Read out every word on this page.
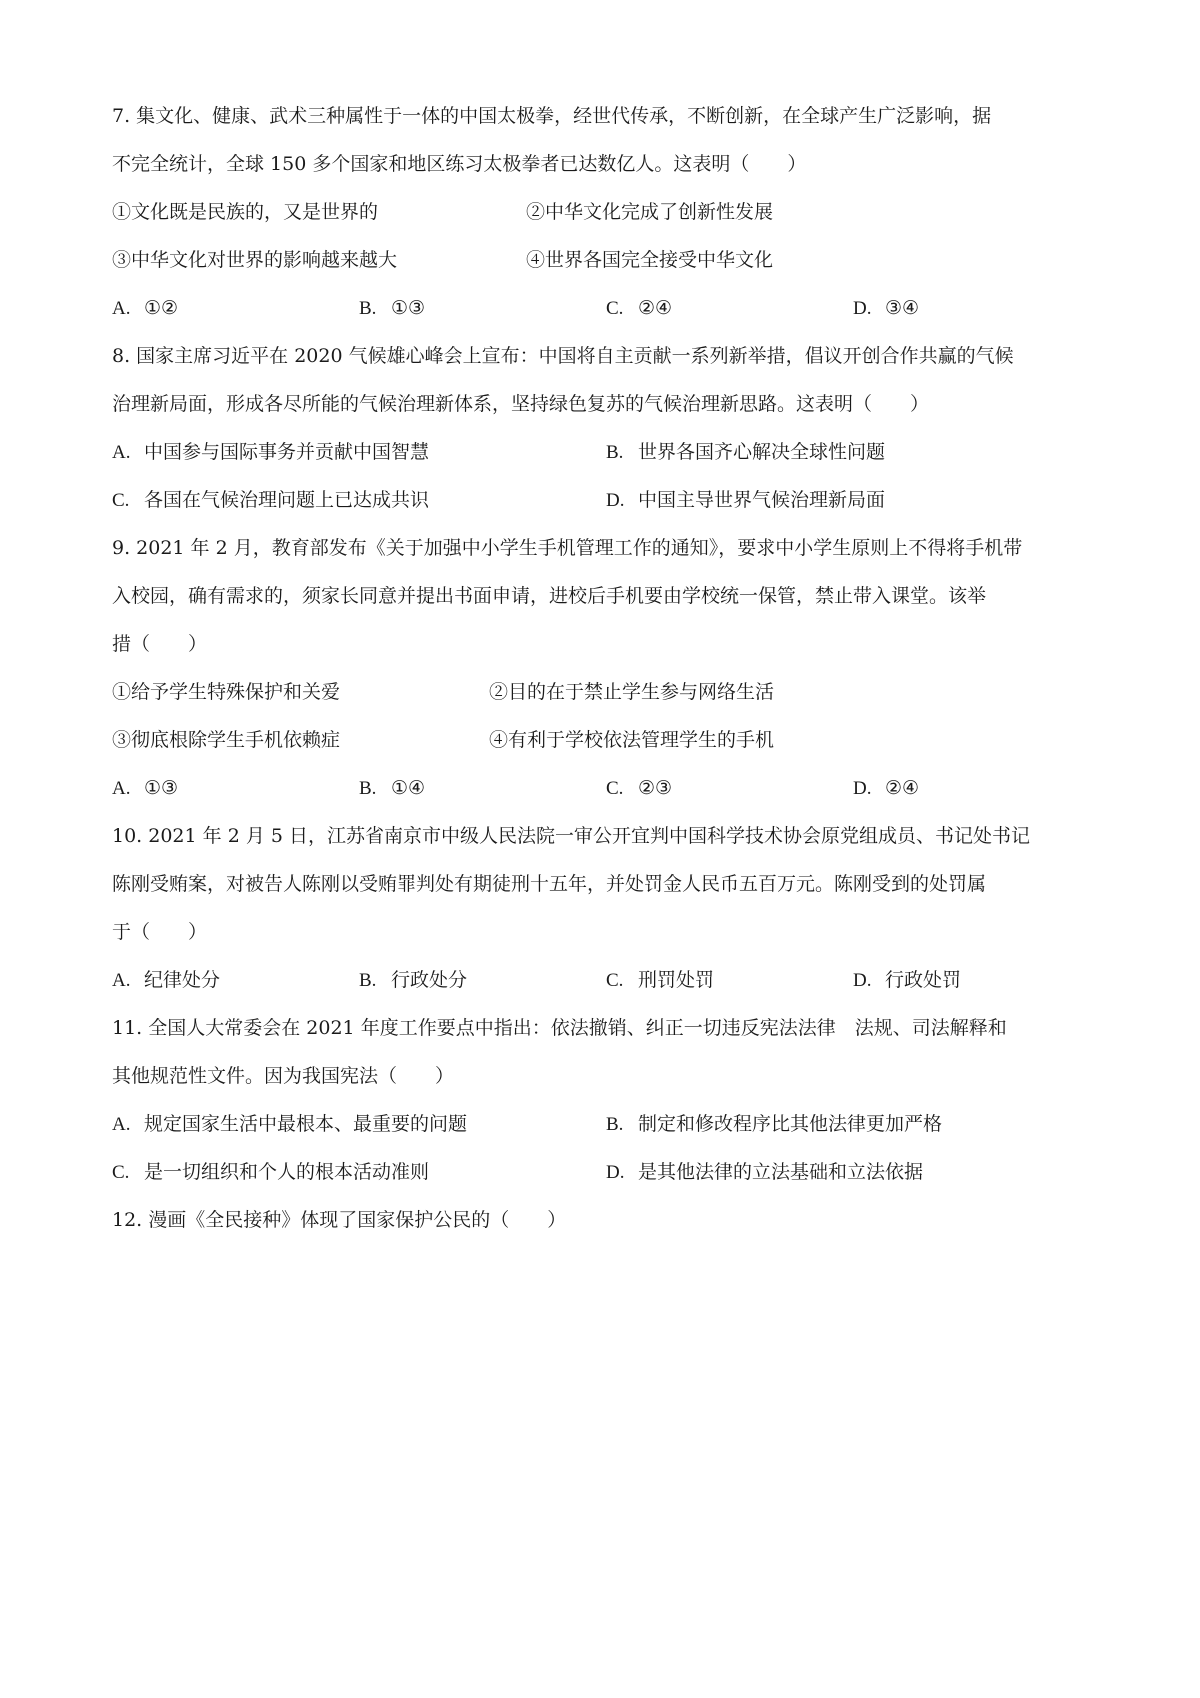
7. 集文化、健康、武术三种属性于一体的中国太极拳，经世代传承，不断创新，在全球产生广泛影响，据
不完全统计，全球 150 多个国家和地区练习太极拳者已达数亿人。这表明（　　）
①文化既是民族的，又是世界的	②中华文化完成了创新性发展
③中华文化对世界的影响越来越大	④世界各国完全接受中华文化
A. ①②	B. ①③	C. ②④	D. ③④
8. 国家主席习近平在 2020 气候雄心峰会上宣布：中国将自主贡献一系列新举措，倡议开创合作共赢的气候
治理新局面，形成各尽所能的气候治理新体系，坚持绿色复苏的气候治理新思路。这表明（　　）
A. 中国参与国际事务并贡献中国智慧	B. 世界各国齐心解决全球性问题
C. 各国在气候治理问题上已达成共识	D. 中国主导世界气候治理新局面
9. 2021 年 2 月，教育部发布《关于加强中小学生手机管理工作的通知》，要求中小学生原则上不得将手机带
入校园，确有需求的，须家长同意并提出书面申请，进校后手机要由学校统一保管，禁止带入课堂。该举
措（　　）
①给予学生特殊保护和关爱	②目的在于禁止学生参与网络生活
③彻底根除学生手机依赖症	④有利于学校依法管理学生的手机
A. ①③	B. ①④	C. ②③	D. ②④
10. 2021 年 2 月 5 日，江苏省南京市中级人民法院一审公开宜判中国科学技术协会原党组成员、书记处书记
陈刚受贿案，对被告人陈刚以受贿罪判处有期徒刑十五年，并处罚金人民币五百万元。陈刚受到的处罚属
于（　　）
A. 纪律处分	B. 行政处分	C. 刑罚处罚	D. 行政处罚
11. 全国人大常委会在 2021 年度工作要点中指出：依法撤销、纠正一切违反宪法法律　法规、司法解释和
其他规范性文件。因为我国宪法（　　）
A. 规定国家生活中最根本、最重要的问题	B. 制定和修改程序比其他法律更加严格
C. 是一切组织和个人的根本活动准则	D. 是其他法律的立法基础和立法依据
12. 漫画《全民接种》体现了国家保护公民的（　　）
